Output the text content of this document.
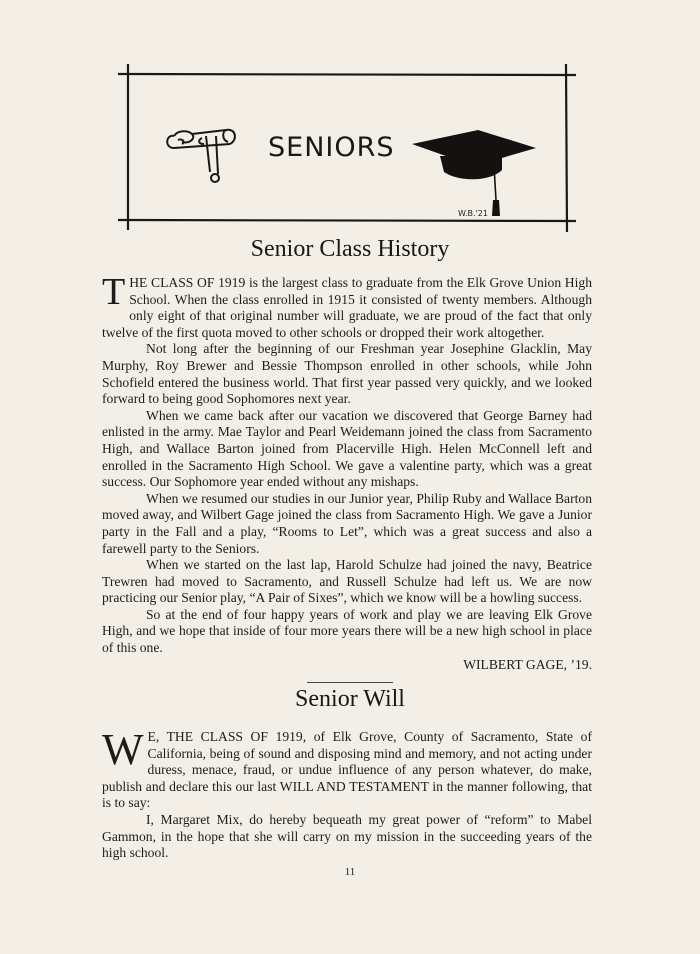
SENIORS
W.B.'21
Senior Class History

THE CLASS OF 1919 is the largest class to graduate from the Elk Grove Union High School. When the class enrolled in 1915 it consisted of twenty members. Although only eight of that original number will graduate, we are proud of the fact that only twelve of the first quota moved to other schools or dropped their work altogether.

Not long after the beginning of our Freshman year Josephine Glacklin, May Murphy, Roy Brewer and Bessie Thompson enrolled in other schools, while John Schofield entered the business world. That first year passed very quickly, and we looked forward to being good Sophomores next year.

When we came back after our vacation we discovered that George Barney had enlisted in the army. Mae Taylor and Pearl Weidemann joined the class from Sacramento High, and Wallace Barton joined from Placerville High. Helen McConnell left and enrolled in the Sacramento High School. We gave a valentine party, which was a great success. Our Sophomore year ended without any mishaps.

When we resumed our studies in our Junior year, Philip Ruby and Wallace Barton moved away, and Wilbert Gage joined the class from Sacramento High. We gave a Junior party in the Fall and a play, “Rooms to Let”, which was a great success and also a farewell party to the Seniors.

When we started on the last lap, Harold Schulze had joined the navy, Beatrice Trewren had moved to Sacramento, and Russell Schulze had left us. We are now practicing our Senior play, “A Pair of Sixes”, which we know will be a howling success.

So at the end of four happy years of work and play we are leaving Elk Grove High, and we hope that inside of four more years there will be a new high school in place of this one.

WILBERT GAGE, ’19.

Senior Will

W E, THE CLASS OF 1919, of Elk Grove, County of Sacramento, State of California, being of sound and disposing mind and memory, and not acting under duress, menace, fraud, or undue influence of any person whatever, do make, publish and declare this our last WILL AND TESTAMENT in the manner following, that is to say:

I, Margaret Mix, do hereby bequeath my great power of “reform” to Mabel Gammon, in the hope that she will carry on my mission in the succeeding years of the high school.

11
